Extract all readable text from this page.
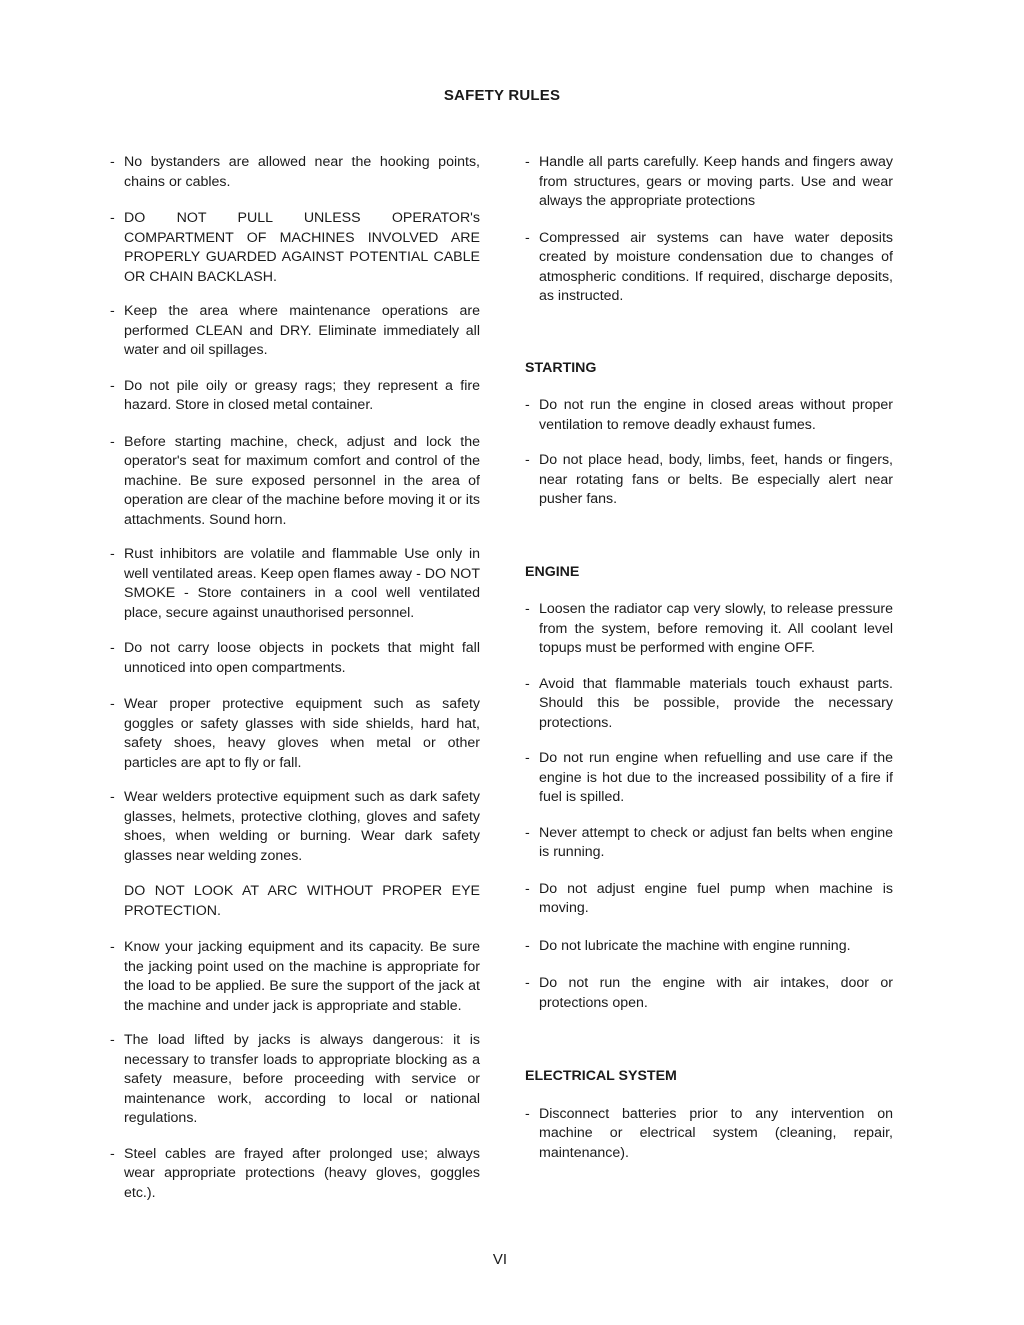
SAFETY RULES
- No bystanders are allowed near the hooking points, chains or cables.
- DO NOT PULL UNLESS OPERATOR's COMPARTMENT OF MACHINES INVOLVED ARE PROPERLY GUARDED AGAINST POTENTIAL CABLE OR CHAIN BACKLASH.
- Keep the area where maintenance operations are performed CLEAN and DRY. Eliminate immediately all water and oil spillages.
- Do not pile oily or greasy rags; they represent a fire hazard. Store in closed metal container.
- Before starting machine, check, adjust and lock the operator's seat for maximum comfort and control of the machine. Be sure exposed personnel in the area of operation are clear of the machine before moving it or its attachments. Sound horn.
- Rust inhibitors are volatile and flammable Use only in well ventilated areas. Keep open flames away - DO NOT SMOKE - Store containers in a cool well ventilated place, secure against unauthorised personnel.
- Do not carry loose objects in pockets that might fall unnoticed into open compartments.
- Wear proper protective equipment such as safety goggles or safety glasses with side shields, hard hat, safety shoes, heavy gloves when metal or other particles are apt to fly or fall.
- Wear welders protective equipment such as dark safety glasses, helmets, protective clothing, gloves and safety shoes, when welding or burning. Wear dark safety glasses near welding zones.
DO NOT LOOK AT ARC WITHOUT PROPER EYE PROTECTION.
- Know your jacking equipment and its capacity. Be sure the jacking point used on the machine is appropriate for the load to be applied. Be sure the support of the jack at the machine and under jack is appropriate and stable.
- The load lifted by jacks is always dangerous: it is necessary to transfer loads to appropriate blocking as a safety measure, before proceeding with service or maintenance work, according to local or national regulations.
- Steel cables are frayed after prolonged use; always wear appropriate protections (heavy gloves, goggles etc.).
- Handle all parts carefully. Keep hands and fingers away from structures, gears or moving parts. Use and wear always the appropriate protections
- Compressed air systems can have water deposits created by moisture condensation due to changes of atmospheric conditions. If required, discharge deposits, as instructed.
STARTING
- Do not run the engine in closed areas without proper ventilation to remove deadly exhaust fumes.
- Do not place head, body, limbs, feet, hands or fingers, near rotating fans or belts. Be especially alert near pusher fans.
ENGINE
- Loosen the radiator cap very slowly, to release pressure from the system, before removing it. All coolant level topups must be performed with engine OFF.
- Avoid that flammable materials touch exhaust parts. Should this be possible, provide the necessary protections.
- Do not run engine when refuelling and use care if the engine is hot due to the increased possibility of a fire if fuel is spilled.
- Never attempt to check or adjust fan belts when engine is running.
- Do not adjust engine fuel pump when machine is moving.
- Do not lubricate the machine with engine running.
- Do not run the engine with air intakes, door or protections open.
ELECTRICAL SYSTEM
- Disconnect batteries prior to any intervention on machine or electrical system (cleaning, repair, maintenance).
VI
